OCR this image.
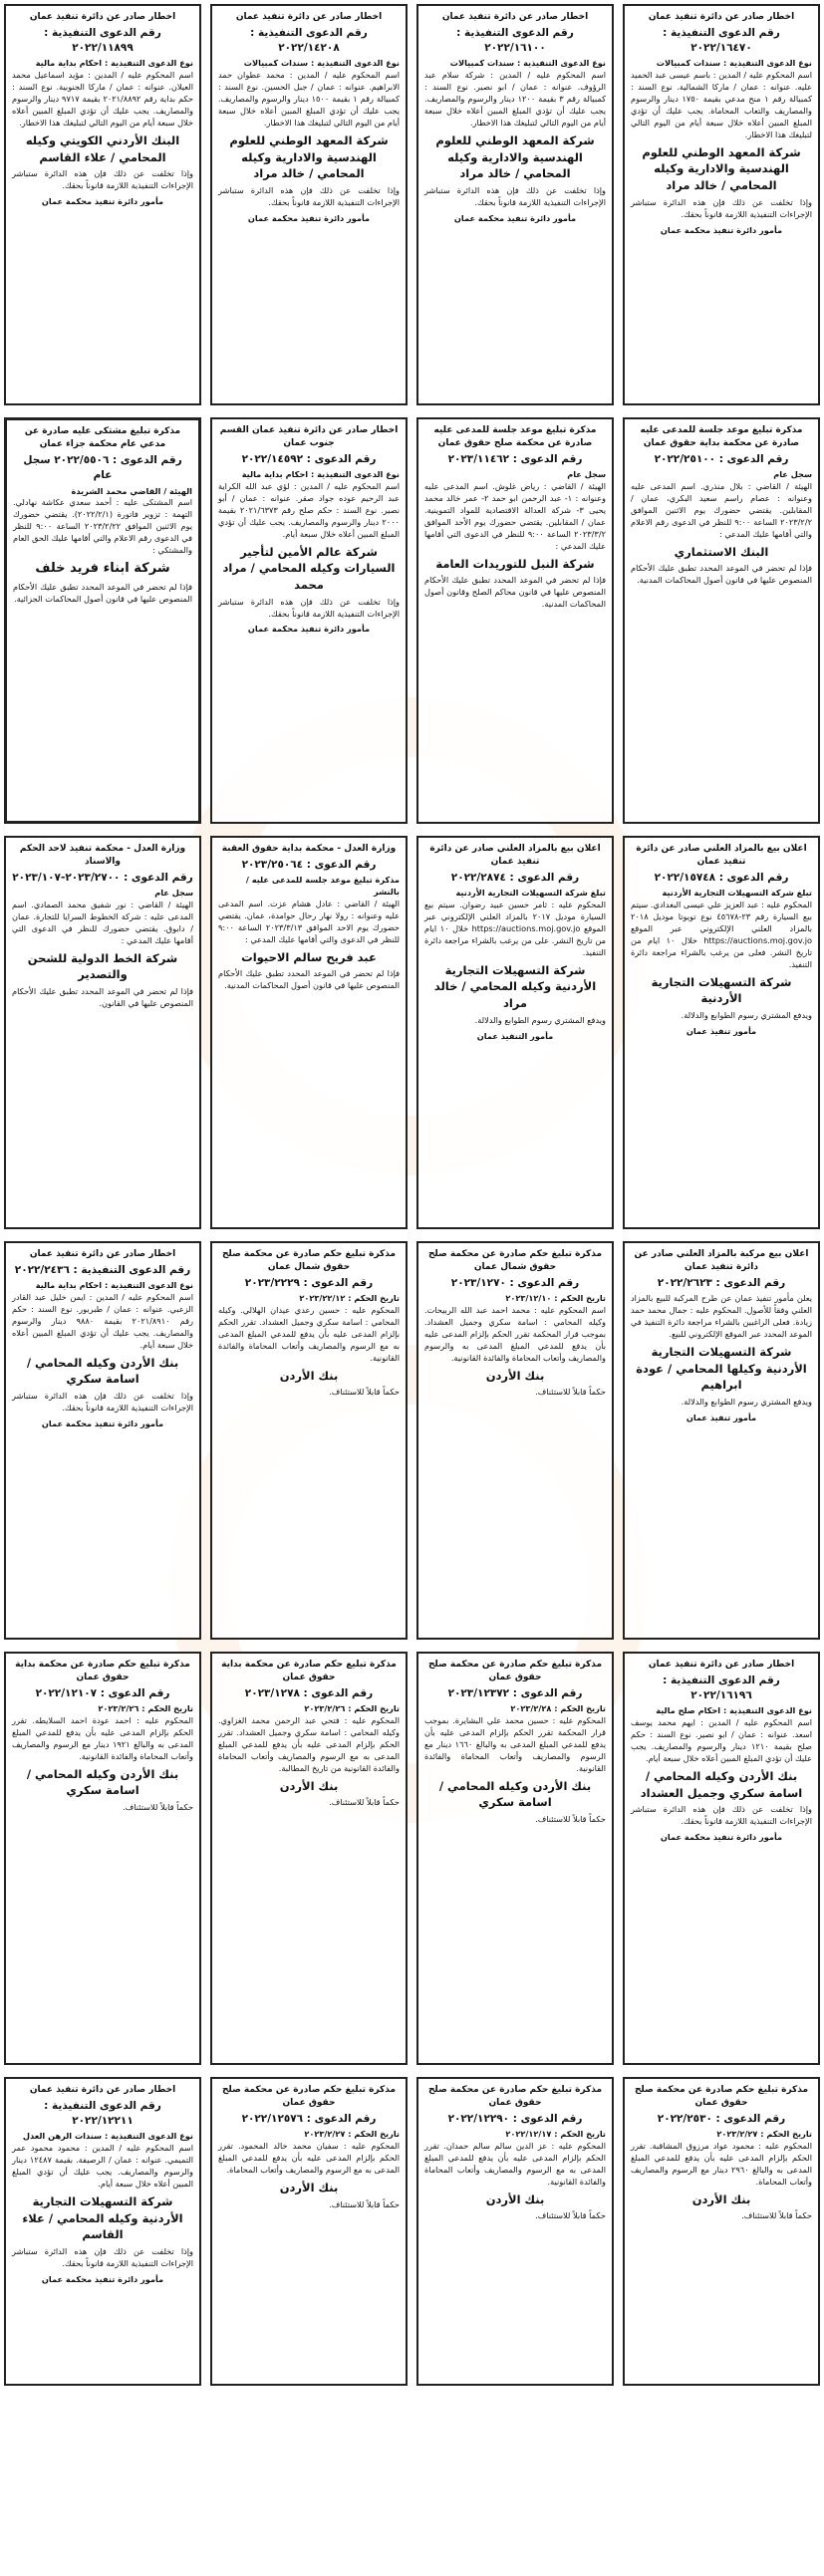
اخطار صادر عن دائرة تنفيذ عمان
رقم الدعوى التنفيذية : ٢٠٢٢/١٦٤٧٠
نوع الدعوى التنفيذية : سندات كمبيالات
اسم المحكوم عليه / المدين : باسم عيسى عبد الحميد عليه. عنوانه : عمان / ماركا الشمالية. نوع السند : كمبيالة رقم ١ منح مدعي بقيمة ١٧٥٠ دينار والرسوم والمصاريف والتعاب المحاماة. يجب عليك أن تؤدي المبلغ المبين أعلاه خلال سبعة أيام من اليوم التالي لتبليغك هذا الاخطار.
شركة المعهد الوطني للعلوم الهندسية والادارية وكيله المحامي / خالد مراد
وإذا تخلفت عن ذلك فإن هذه الدائرة ستباشر الإجراءات التنفيذية اللازمة قانوناً بحقك.
مأمور دائرة تنفيذ محكمة عمان
اخطار صادر عن دائرة تنفيذ عمان
رقم الدعوى التنفيذية : ٢٠٢٢/١٦١٠٠
نوع الدعوى التنفيذية : سندات كمبيالات
اسم المحكوم عليه / المدين : شركة سلام عبد الرؤوف. عنوانه : عمان / ابو نصير. نوع السند : كمبيالة رقم ٣ بقيمة ١٢٠٠ دينار والرسوم والمصاريف. يجب عليك أن تؤدي المبلغ المبين أعلاه خلال سبعة أيام من اليوم التالي لتبليغك هذا الاخطار.
شركة المعهد الوطني للعلوم الهندسية والادارية وكيله المحامي / خالد مراد
وإذا تخلفت عن ذلك فإن هذه الدائرة ستباشر الإجراءات التنفيذية اللازمة قانوناً بحقك.
مأمور دائرة تنفيذ محكمة عمان
اخطار صادر عن دائرة تنفيذ عمان
رقم الدعوى التنفيذية : ٢٠٢٢/١٤٢٠٨
نوع الدعوى التنفيذية : سندات كمبيالات
اسم المحكوم عليه / المدين : محمد عطوان حمد الابراهيم. عنوانه : عمان / جبل الحسين. نوع السند : كمبيالة رقم ١ بقيمة ١٥٠٠ دينار والرسوم والمصاريف. يجب عليك أن تؤدي المبلغ المبين أعلاه خلال سبعة أيام من اليوم التالي لتبليغك هذا الاخطار.
شركة المعهد الوطني للعلوم الهندسية والادارية وكيله المحامي / خالد مراد
وإذا تخلفت عن ذلك فإن هذه الدائرة ستباشر الإجراءات التنفيذية اللازمة قانوناً بحقك.
مأمور دائرة تنفيذ محكمة عمان
اخطار صادر عن دائرة تنفيذ عمان
رقم الدعوى التنفيذية : ٢٠٢٢/١١٨٩٩
نوع الدعوى التنفيذية : احكام بداية مالية
اسم المحكوم عليه / المدين : مؤيد اسماعيل محمد العيلان. عنوانه : عمان / ماركا الجنوبية. نوع السند : حكم بداية رقم ٢٠٢١/٨٨٩٢ بقيمة ٩٧١٧ دينار والرسوم والمصاريف. يجب عليك أن تؤدي المبلغ المبين أعلاه خلال سبعة أيام من اليوم التالي لتبليغك هذا الاخطار.
البنك الأردني الكويتي وكيله المحامي / علاء القاسم
وإذا تخلفت عن ذلك فإن هذه الدائرة ستباشر الإجراءات التنفيذية اللازمة قانوناً بحقك.
مأمور دائرة تنفيذ محكمة عمان
مذكرة تبليغ موعد جلسة للمدعى عليه صادرة عن محكمة بداية حقوق عمان
رقم الدعوى : ٢٠٢٢/٢٥١٠٠
سجل عام
الهيئة / القاضي : بلال منذري. اسم المدعى عليه وعنوانه : عصام راسم سعيد البكري، عمان / المقابلين. يقتضي حضورك يوم الاثنين الموافق ٢٠٢٣/٢/٢ الساعة ٩:٠٠ للنظر في الدعوى رقم الاعلام والتي أقامها عليك المدعي :
البنك الاستثماري
فإذا لم تحضر في الموعد المحدد تطبق عليك الأحكام المنصوص عليها في قانون أصول المحاكمات المدنية.
مذكرة تبليغ موعد جلسة للمدعى عليه صادرة عن محكمة صلح حقوق عمان
رقم الدعوى : ٢٠٢٣/١١٤٦٢
سجل عام
الهيئة / القاضي : رياض غلوش. اسم المدعى عليه وعنوانه : ١- عبد الرحمن ابو حمد ٢- عمر خالد محمد يحيى ٣- شركة العدالة الاقتصادية للمواد التموينية. عمان / المقابلين. يقتضي حضورك يوم الأحد الموافق ٢٠٢٣/٣/٢ الساعة ٩:٠٠ للنظر في الدعوى التي أقامها عليك المدعي :
شركة النبل للتوريدات العامة
فإذا لم تحضر في الموعد المحدد تطبق عليك الأحكام المنصوص عليها في قانون محاكم الصلح وقانون أصول المحاكمات المدنية.
اخطار صادر عن دائرة تنفيذ عمان القسم جنوب عمان
رقم الدعوى : ٢٠٢٢/١٤٥٩٢
نوع الدعوى التنفيذية : احكام بداية مالية
اسم المحكوم عليه / المدين : لؤي عبد الله الكراية عبد الرحيم عوده جواد صقر. عنوانه : عمان / أبو نصير. نوع السند : حكم صلح رقم ٢٠٢١/٦٣٧٣ بقيمة ٢٠٠٠ دينار والرسوم والمصاريف. يجب عليك أن تؤدي المبلغ المبين أعلاه خلال سبعة أيام.
شركة عالم الأمين لتأجير السيارات وكيله المحامي / مراد محمد
وإذا تخلفت عن ذلك فإن هذه الدائرة ستباشر الإجراءات التنفيذية اللازمة قانوناً بحقك.
مأمور دائرة تنفيذ محكمة عمان
مذكرة تبليغ مشتكى عليه صادرة عن مدعي عام محكمة جزاء عمان
رقم الدعوى : ٢٠٢٢/٥٥٠٦ سجل عام
الهيئة / القاضي محمد الشريدة
اسم المشتكى عليه : أحمد سعدي عكاشة نهادلي. التهمة : تزوير فاتورة (٢٠٢٢/٢/١). يقتضي حضورك يوم الاثنين الموافق ٢٠٢٣/٢/٢٢ الساعة ٩:٠٠ للنظر في الدعوى رقم الاعلام والتي أقامها عليك الحق العام والمشتكي :
شركة ابناء فريد خلف
فإذا لم تحضر في الموعد المحدد تطبق عليك الأحكام المنصوص عليها في قانون أصول المحاكمات الجزائية.
اعلان بيع بالمزاد العلني صادر عن دائرة تنفيذ عمان
رقم الدعوى : ٢٠٢٢/١٥٧٤٨
تبلغ شركة التسهيلات التجارية الأردنية
المحكوم عليه : عبد العزيز علي عيسى البغدادي. سيتم بيع السيارة رقم ٢٣-٤٥٦٧٨ نوع تويوتا موديل ٢٠١٨ بالمزاد العلني الإلكتروني عبر الموقع https://auctions.moj.gov.jo خلال ١٠ ايام من تاريخ النشر. فعلى من يرغب بالشراء مراجعة دائرة التنفيذ.
شركة التسهيلات التجارية الأردنية
ويدفع المشتري رسوم الطوابع والدلالة.
مأمور تنفيذ عمان
اعلان بيع بالمزاد العلني صادر عن دائرة تنفيذ عمان
رقم الدعوى : ٢٠٢٢/٢٨٧٤
تبلغ شركة التسهيلات التجارية الأردنية
المحكوم عليه : ثامر حسين عبيد رضوان. سيتم بيع السيارة موديل ٢٠١٧ بالمزاد العلني الإلكتروني عبر الموقع https://auctions.moj.gov.jo خلال ١٠ ايام من تاريخ النشر. على من يرغب بالشراء مراجعة دائرة التنفيذ.
شركة التسهيلات التجارية الأردنية وكيله المحامي / خالد مراد
ويدفع المشتري رسوم الطوابع والدلالة.
مأمور التنفيذ عمان
وزارة العدل - محكمة بداية حقوق العقبة
رقم الدعوى : ٢٠٢٣/٢٥٠٦٤
مذكرة تبليغ موعد جلسة للمدعى عليه / بالنشر
الهيئة / القاضي : عادل هشام عزت. اسم المدعى عليه وعنوانه : رولا نهار رحال حوامدة، عمان. يقتضي حضورك يوم الاحد الموافق ٢٠٢٣/٣/١٣ الساعة ٩:٠٠ للنظر في الدعوى والتي أقامها عليك المدعي :
عبد فريح سالم الاحيوات
فإذا لم تحضر في الموعد المحدد تطبق عليك الأحكام المنصوص عليها في قانون أصول المحاكمات المدنية.
وزارة العدل - محكمة تنفيذ لاحد الحكم والاسناد
رقم الدعوى : ٢٠٢٣/٢٧٠٠-٢٠٢٣/١٠٧
سجل عام
الهيئة / القاضي : نور شفيق محمد الصمادي. اسم المدعى عليه : شركة الخطوط السرايا للتجارة. عمان / دابوق. يقتضي حضورك للنظر في الدعوى التي أقامها عليك المدعي :
شركة الخط الدولية للشحن والتصدير
فإذا لم تحضر في الموعد المحدد تطبق عليك الأحكام المنصوص عليها في القانون.
اعلان بيع مركبة بالمزاد العلني صادر عن دائرة تنفيذ عمان
رقم الدعوى : ٢٠٢٢/٢٦٢٣
يعلن مأمور تنفيذ عمان عن طرح المركبة للبيع بالمزاد العلني وفقاً للأصول. المحكوم عليه : جمال محمد حمد زيادة. فعلى الراغبين بالشراء مراجعة دائرة التنفيذ في الموعد المحدد عبر الموقع الإلكتروني للبيع.
شركة التسهيلات التجارية الأردنية وكيلها المحامي / عودة ابراهيم
ويدفع المشتري رسوم الطوابع والدلالة.
مأمور تنفيذ عمان
مذكرة تبليغ حكم صادرة عن محكمة صلح حقوق شمال عمان
رقم الدعوى : ٢٠٢٣/١٢٧٠
تاريخ الحكم : ٢٠٢٣/١٢/١٠
اسم المحكوم عليه : محمد احمد عبد الله الربيحات. وكيله المحامي : اسامة سكري وجميل العشداد. بموجب قرار المحكمة تقرر الحكم بإلزام المدعى عليه بأن يدفع للمدعي المبلغ المدعى به والرسوم والمصاريف وأتعاب المحاماة والفائدة القانونية.
بنك الأردن
حكماً قابلاً للاستئناف.
مذكرة تبليغ حكم صادرة عن محكمة صلح حقوق شمال عمان
رقم الدعوى : ٢٠٢٣/٢٢٢٩
تاريخ الحكم : ٢٠٢٣/٢٢/١٢
المحكوم عليه : حسين رعدي عيدان الهلالي. وكيله المحامي : اسامة سكري وجميل العشداد. تقرر الحكم بإلزام المدعى عليه بأن يدفع للمدعي المبلغ المدعى به مع الرسوم والمصاريف وأتعاب المحاماة والفائدة القانونية.
بنك الأردن
حكماً قابلاً للاستئناف.
اخطار صادر عن دائرة تنفيذ عمان
رقم الدعوى التنفيذية : ٢٠٢٢/٢٤٣٦
نوع الدعوى التنفيذية : احكام بداية مالية
اسم المحكوم عليه / المدين : ايمن خليل عبد القادر الزعبي. عنوانه : عمان / طبربور. نوع السند : حكم رقم ٢٠٢١/٨٩١٠ بقيمة ٩٨٨٠ دينار والرسوم والمصاريف. يجب عليك أن تؤدي المبلغ المبين أعلاه خلال سبعة أيام.
بنك الأردن وكيله المحامي / اسامة سكري
وإذا تخلفت عن ذلك فإن هذه الدائرة ستباشر الإجراءات التنفيذية اللازمة قانوناً بحقك.
مأمور دائرة تنفيذ محكمة عمان
اخطار صادر عن دائرة تنفيذ عمان
رقم الدعوى التنفيذية : ٢٠٢٢/١٦١٩٦
نوع الدعوى التنفيذية : احكام صلح مالية
اسم المحكوم عليه / المدين : ايهم محمد يوسف اسعد. عنوانه : عمان / ابو نصير. نوع السند : حكم صلح بقيمة ١٢١٠ دينار والرسوم والمصاريف. يجب عليك أن تؤدي المبلغ المبين أعلاه خلال سبعة أيام.
بنك الأردن وكيله المحامي / اسامة سكري وجميل العشداد
وإذا تخلفت عن ذلك فإن هذه الدائرة ستباشر الإجراءات التنفيذية اللازمة قانوناً بحقك.
مأمور دائرة تنفيذ محكمة عمان
مذكرة تبليغ حكم صادرة عن محكمة صلح حقوق عمان
رقم الدعوى : ٢٠٢٣/١٢٣٧٢
تاريخ الحكم : ٢٠٢٣/٢/٢٨
المحكوم عليه : حسين محمد علي البشايرة. بموجب قرار المحكمة تقرر الحكم بإلزام المدعى عليه بأن يدفع للمدعي المبلغ المدعى به والبالغ ١٦٦٠ دينار مع الرسوم والمصاريف وأتعاب المحاماة والفائدة القانونية.
بنك الأردن وكيله المحامي / اسامة سكري
حكماً قابلاً للاستئناف.
مذكرة تبليغ حكم صادرة عن محكمة بداية حقوق عمان
رقم الدعوى : ٢٠٢٣/١٢٧٨
تاريخ الحكم : ٢٠٢٣/٢/٢٦
المحكوم عليه : فتحي عبد الرحمن محمد الغزاوي. وكيله المحامي : اسامة سكري وجميل العشداد. تقرر الحكم بإلزام المدعى عليه بأن يدفع للمدعي المبلغ المدعى به مع الرسوم والمصاريف وأتعاب المحاماة والفائدة القانونية من تاريخ المطالبة.
بنك الأردن
حكماً قابلاً للاستئناف.
مذكرة تبليغ حكم صادرة عن محكمة بداية حقوق عمان
رقم الدعوى : ٢٠٢٢/١٢١٠٧
تاريخ الحكم : ٢٠٢٣/٢/٢٦
المحكوم عليه : احمد عودة احمد السلايطه. تقرر الحكم بإلزام المدعى عليه بأن يدفع للمدعي المبلغ المدعى به والبالغ ١٩٢١ دينار مع الرسوم والمصاريف وأتعاب المحاماة والفائدة القانونية.
بنك الأردن وكيله المحامي / اسامة سكري
حكماً قابلاً للاستئناف.
مذكرة تبليغ حكم صادرة عن محكمة صلح حقوق عمان
رقم الدعوى : ٢٠٢٢/٢٥٣٠
تاريخ الحكم : ٢٠٢٣/٢/٢٧
المحكوم عليه : محمود عواد مرزوق المشاقبة. تقرر الحكم بإلزام المدعى عليه بأن يدفع للمدعي المبلغ المدعى به والبالغ ٢٩٦٠ دينار مع الرسوم والمصاريف وأتعاب المحاماة.
بنك الأردن
حكماً قابلاً للاستئناف.
مذكرة تبليغ حكم صادرة عن محكمة صلح حقوق عمان
رقم الدعوى : ٢٠٢٢/١٢٢٩٠
تاريخ الحكم : ٢٠٢٢/١٢/١٧
المحكوم عليه : عز الدين سالم سالم حمدان. تقرر الحكم بإلزام المدعى عليه بأن يدفع للمدعي المبلغ المدعى به مع الرسوم والمصاريف وأتعاب المحاماة والفائدة القانونية.
بنك الأردن
حكماً قابلاً للاستئناف.
مذكرة تبليغ حكم صادرة عن محكمة صلح حقوق عمان
رقم الدعوى : ٢٠٢٢/١٢٥٧٦
تاريخ الحكم : ٢٠٢٣/٢/٢٧
المحكوم عليه : سفيان محمد خالد المحمود. تقرر الحكم بإلزام المدعى عليه بأن يدفع للمدعي المبلغ المدعى به مع الرسوم والمصاريف وأتعاب المحاماة.
بنك الأردن
حكماً قابلاً للاستئناف.
اخطار صادر عن دائرة تنفيذ عمان
رقم الدعوى التنفيذية : ٢٠٢٢/١٢٢١١
نوع الدعوى التنفيذية : سندات الرهن العدل
اسم المحكوم عليه / المدين : محمود محمود عمر التميمي. عنوانه : عمان / الرصيفة. بقيمة ١٢٤٨٧ دينار والرسوم والمصاريف. يجب عليك أن تؤدي المبلغ المبين أعلاه خلال سبعة أيام.
شركة التسهيلات التجارية الأردنية وكيله المحامي / علاء القاسم
وإذا تخلفت عن ذلك فإن هذه الدائرة ستباشر الإجراءات التنفيذية اللازمة قانوناً بحقك.
مأمور دائرة تنفيذ محكمة عمان
